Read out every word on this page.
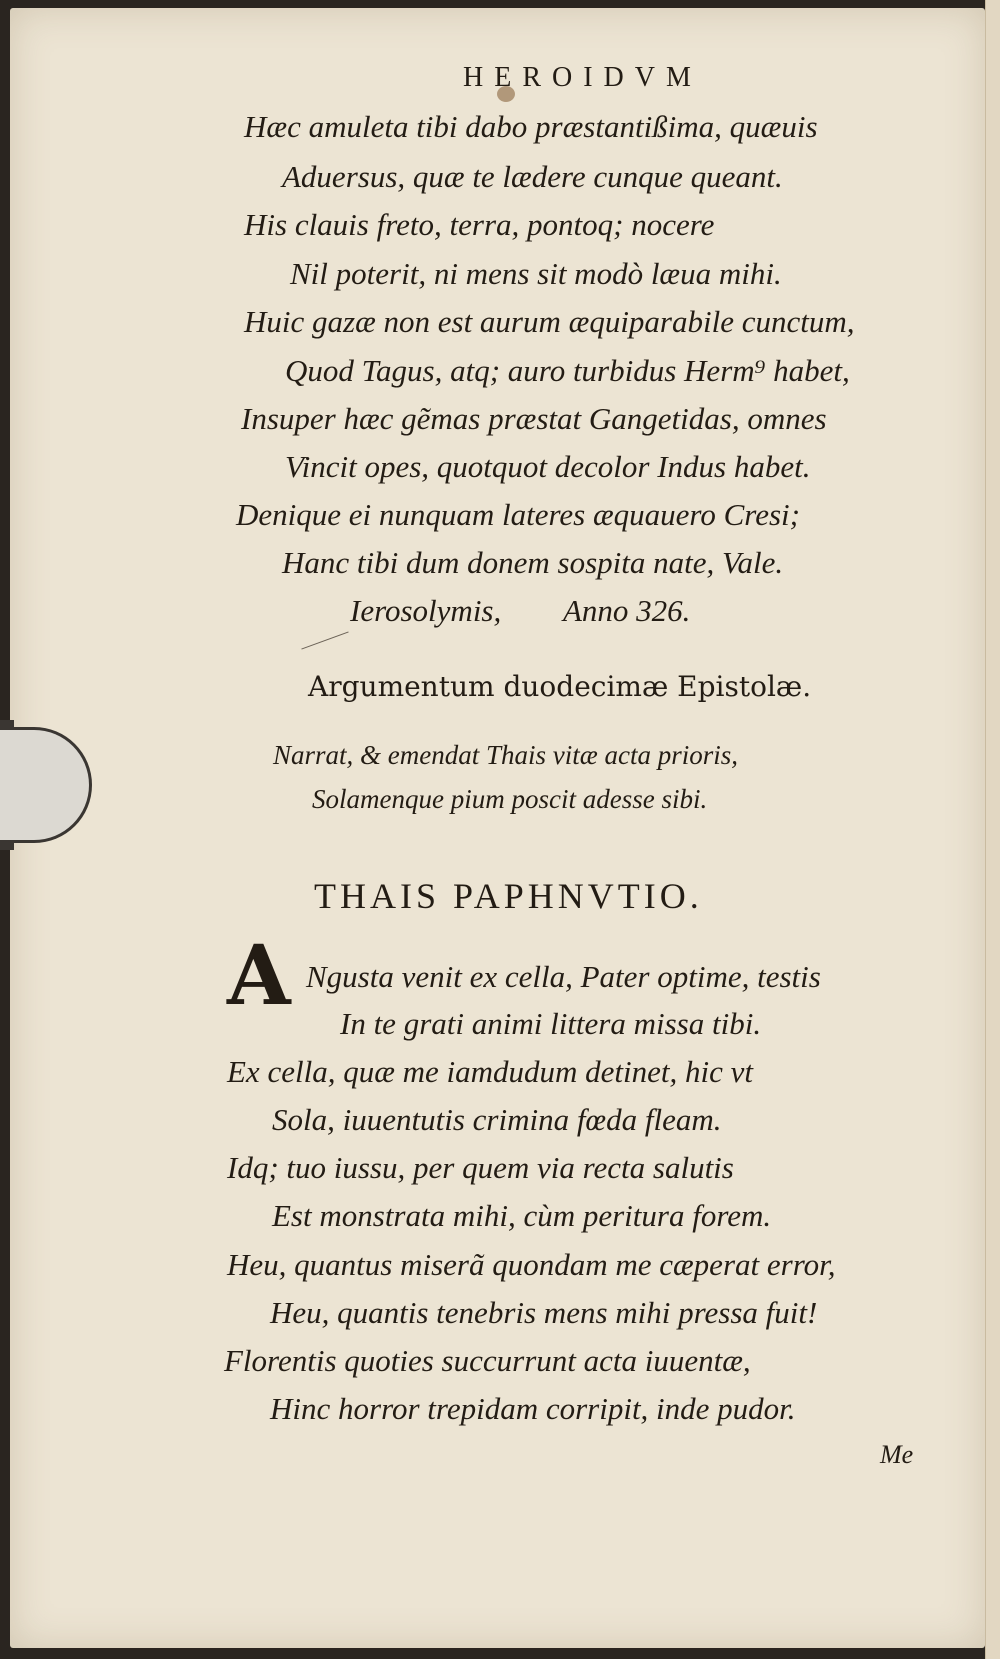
HEROIDVM
Hæc amuleta tibi dabo præstantißima, quæuis
Aduersus, quæ te lædere cunque queant.
His clauis freto, terra, pontoq; nocere
Nil poterit, ni mens sit modò læua mihi.
Huic gazæ non est aurum æquiparabile cunctum,
Quod Tagus, atq; auro turbidus Herm⁹ habet,
Insuper hæc gẽmas præstat Gangetidas, omnes
Vincit opes, quotquot decolor Indus habet.
Denique ei nunquam lateres æquauero Cresi;
Hanc tibi dum donem sospita nate, Vale.
Ierosolymis, Anno 326.
Argumentum duodecimæ Epistolæ.
Narrat, & emendat Thais vitæ acta prioris,
Solamenque pium poscit adesse sibi.
THAIS PAPHNVTIO.
A Ngusta venit ex cella, Pater optime, testis
In te grati animi littera missa tibi.
Ex cella, quæ me iamdudum detinet, hic vt
Sola, iuuentutis crimina fœda fleam.
Idq; tuo iussu, per quem via recta salutis
Est monstrata mihi, cùm peritura forem.
Heu, quantus miserã quondam me cæperat error,
Heu, quantis tenebris mens mihi pressa fuit!
Florentis quoties succurrunt acta iuuentæ,
Hinc horror trepidam corripit, inde pudor.
Me
